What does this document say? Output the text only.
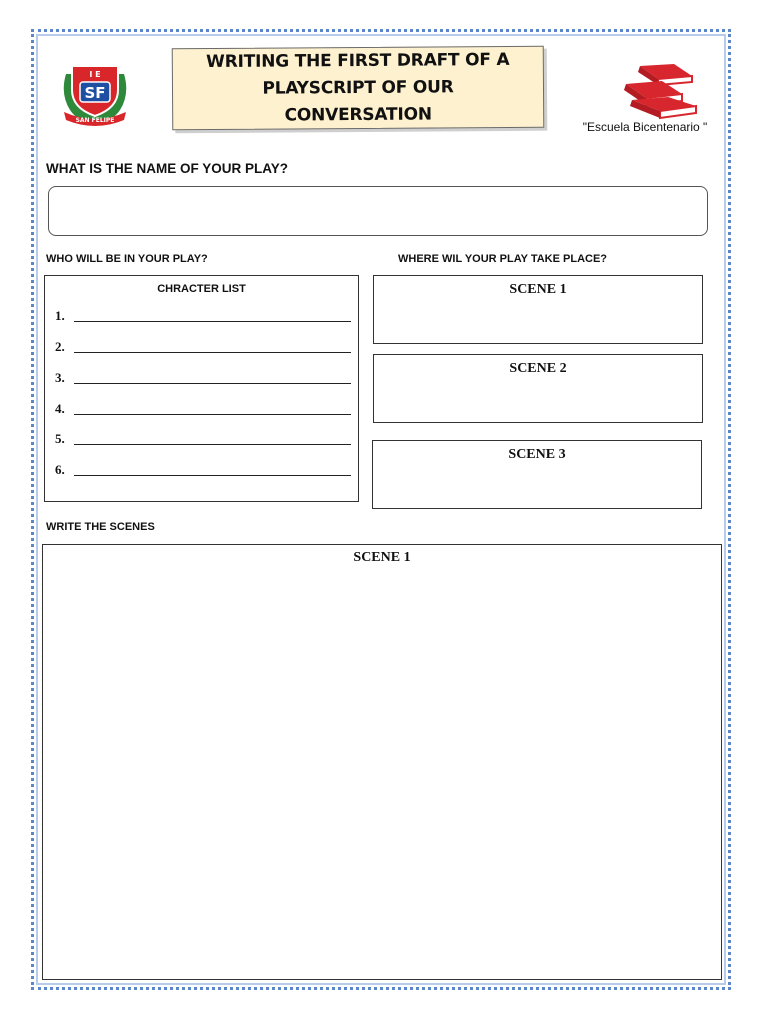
SF
I E
SAN FELIPE
WRITING THE FIRST DRAFT OF A
PLAYSCRIPT OF OUR CONVERSATION
"Escuela Bicentenario "
WHAT IS THE NAME OF YOUR PLAY?
WHO WILL BE IN YOUR PLAY?	WHERE WIL YOUR PLAY TAKE PLACE?
CHRACTER LIST
1.
2.
3.
4.
5.
6.
SCENE 1
SCENE 2
SCENE 3
WRITE THE SCENES
SCENE 1
